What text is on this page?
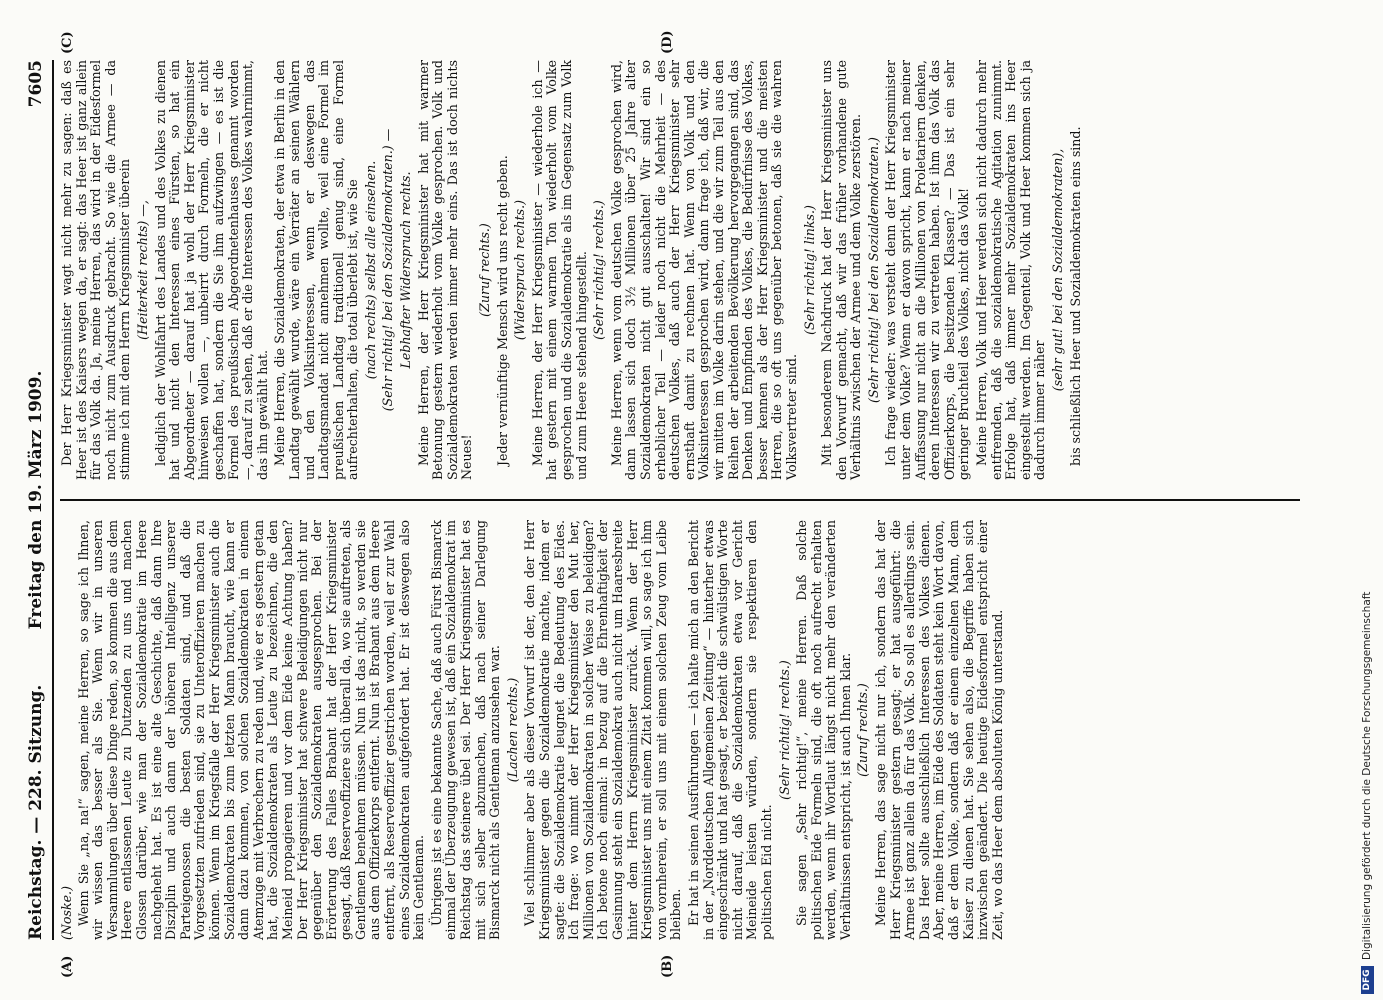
Reichstag. — 228. Sitzung.
Freitag den 19. März 1909.
7605
(A)	(B)
(C)	(D)

(Noske.) Wenn Sie „na, na!“ sagen, meine Herren, so sage ich Ihnen, wir wissen das besser als Sie. Wenn wir in unseren Versammlungen über diese Dinge reden, so kommen die aus dem Heere entlassenen Leute zu Dutzenden zu uns und machen Glossen darüber, wie man der Sozialdemokratie im Heere nachgeheht hat. Es ist eine alte Geschichte, daß dann Ihre Disziplin und auch dann der höheren Intelligenz unserer Parteigenossen die besten Soldaten sind, und daß die Vorgesetzten zufrieden sind, sie zu Unteroffizieren machen zu können. Wenn im Kriegsfalle der Herr Kriegsminister auch die Sozialdemokraten bis zum letzten Mann braucht, wie kann er dann dazu kommen, von solchen Sozialdemokraten in einem Atemzuge mit Verbrechern zu reden und, wie er es gestern getan hat, die Sozialdemokraten als Leute zu bezeichnen, die den Meineid propagieren und vor dem Eide keine Achtung haben? Der Herr Kriegsminister hat schwere Beleidigungen nicht nur gegenüber den Sozialdemokraten ausgesprochen. Bei der Erörterung des Falles Brabant hat der Herr Kriegsminister gesagt, daß Reserveoffiziere sich überall da, wo sie auftreten, als Gentlemen benehmen müssen. Nun ist das nicht, so werden sie aus dem Offizierkorps entfernt. Nun ist Brabant aus dem Heere entfernt, als Reserveoffizier gestrichen worden, weil er zur Wahl eines Sozialdemokraten aufgefordert hat. Er ist deswegen also kein Gentleman. Übrigens ist es eine bekannte Sache, daß auch Fürst Bismarck einmal der Überzeugung gewesen ist, daß ein Sozialdemokrat im Reichstag das steinere übel sei. Der Herr Kriegsminister hat es mit sich selber abzumachen, daß nach seiner Darlegung Bismarck nicht als Gentleman anzusehen war. (Lachen rechts.) Viel schlimmer aber als dieser Vorwurf ist der, den der Herr Kriegsminister gegen die Sozialdemokratie machte, indem er sagte: die Sozialdemokratie leugnet die Bedeutung des Eides. Ich frage: wo nimmt der Herr Kriegsminister den Mut her, Millionen von Sozialdemokraten in solcher Weise zu beleidigen? Ich betone noch einmal: in bezug auf die Ehrenhaftigkeit der Gesinnung steht ein Sozialdemokrat auch nicht um Haaresbreite hinter dem Herrn Kriegsminister zurück. Wenn der Herr Kriegsminister uns mit einem Zitat kommen will, so sage ich ihm von vornherein, er soll uns mit einem solchen Zeug vom Leibe bleiben. Er hat in seinen Ausführungen — ich halte mich an den Bericht in der „Norddeutschen Allgemeinen Zeitung“ — hinterher etwas eingeschränkt und hat gesagt, er bezieht die schwülstigen Worte nicht darauf, daß die Sozialdemokraten etwa vor Gericht Meineide leisten würden, sondern sie respektieren den politischen Eid nicht.

(Sehr richtig! rechts.) Sie sagen „Sehr richtig!“, meine Herren. Daß solche politischen Eide Formeln sind, die oft noch aufrecht erhalten werden, wenn ihr Wortlaut längst nicht mehr den veränderten Verhältnissen entspricht, ist auch Ihnen klar. (Zuruf rechts.) Meine Herren, das sage nicht nur ich, sondern das hat der Herr Kriegsminister gestern gesagt; er hat ausgeführt: die Armee ist ganz allein da für das Volk. So soll es allerdings sein. Das Heer sollte ausschließlich Interessen des Volkes dienen. Aber, meine Herren, im Eide des Soldaten steht kein Wort davon, daß er dem Volke, sondern daß er einem einzelnen Mann, dem Kaiser zu dienen hat. Sie sehen also, die Begriffe haben sich inzwischen geändert. Die heutige Eidesformel entspricht einer Zeit, wo das Heer dem absoluten König unterstand.

Der Herr Kriegsminister wagt nicht mehr zu sagen: daß es Heer ist des Kaisers wegen da, er sagt: das Heer ist ganz allein für das Volk da. Ja, meine Herren, das wird in der Eidesformel noch nicht zum Ausdruck gebracht. So wie die Armee — da stimme ich mit dem Herrn Kriegsminister überein (Heiterkeit rechts) —, lediglich der Wohlfahrt des Landes und des Volkes zu dienen hat und nicht den Interessen eines Fürsten, so hat ein Abgeordneter — darauf hat ja wohl der Herr Kriegsminister hinweisen wollen —, unbeirrt durch Formeln, die er nicht geschaffen hat, sondern die Sie ihm aufzwingen — es ist die Formel des preußischen Abgeordnetenhauses genannt worden —, darauf zu sehen, daß er die Interessen des Volkes wahrnimmt, das ihn gewählt hat. Meine Herren, die Sozialdemokraten, der etwa in Berlin in den Landtag gewählt wurde, wäre ein Verräter an seinen Wählern und den Volksinteressen, wenn er deswegen das Landtagsmandat nicht annehmen wollte, weil eine Formel im preußischen Landtag traditionell genug sind, eine Formel aufrechterhalten, die total überlebt ist, wie Sie (nach rechts) selbst alle einsehen. (Sehr richtig! bei den Sozialdemokraten.) — Lebhafter Widerspruch rechts. Meine Herren, der Herr Kriegsminister hat mit warmer Betonung gestern wiederholt vom Volke gesprochen. Volk und Sozialdemokraten werden immer mehr eins. Das ist doch nichts Neues!

(Zuruf rechts.) Jeder vernünftige Mensch wird uns recht geben. (Widerspruch rechts.) Meine Herren, der Herr Kriegsminister — wiederhole ich — hat gestern mit einem warmen Ton wiederholt vom Volke gesprochen und die Sozialdemokratie als im Gegensatz zum Volk und zum Heere stehend hingestellt. (Sehr richtig! rechts.) Meine Herren, wenn vom deutschen Volke gesprochen wird, dann lassen sich doch 3½ Millionen über 25 Jahre alter Sozialdemokraten nicht gut ausschalten! Wir sind ein so erheblicher Teil — leider noch nicht die Mehrheit — des deutschen Volkes, daß auch der Herr Kriegsminister sehr ernsthaft damit zu rechnen hat. Wenn von Volk und den Volksinteressen gesprochen wird, dann frage ich, daß wir, die wir mitten im Volke darin stehen, und die wir zum Teil aus den Reihen der arbeitenden Bevölkerung hervorgegangen sind, das Denken und Empfinden des Volkes, die Bedürfnisse des Volkes, besser kennen als der Herr Kriegsminister und die meisten Herren, die so oft uns gegenüber betonen, daß sie die wahren Volksvertreter sind.

(Sehr richtig! links.) Mit besonderem Nachdruck hat der Herr Kriegsminister uns den Vorwurf gemacht, daß wir das früher vorhandene gute Verhältnis zwischen der Armee und dem Volke zerstören. (Sehr richtig! bei den Sozialdemokraten.) Ich frage wieder: was versteht denn der Herr Kriegsminister unter dem Volke? Wenn er davon spricht, kann er nach meiner Auffassung nur nicht an die Millionen von Proletariern denken, deren Interessen wir zu vertreten haben. Ist ihm das Volk das Offizierkorps, die besitzenden Klassen? — Das ist ein sehr geringer Bruchteil des Volkes, nicht das Volk! Meine Herren, Volk und Heer werden sich nicht dadurch mehr entfremden, daß die sozialdemokratische Agitation zunimmt. Erfolge hat, daß immer mehr Sozialdemokraten ins Heer eingestellt werden. Im Gegenteil, Volk und Heer kommen sich ja dadurch immer näher

(sehr gut! bei den Sozialdemokraten), bis schließlich Heer und Sozialdemokraten eins sind.

DFG
Digitalisierung gefördert durch die Deutsche Forschungsgemeinschaft
